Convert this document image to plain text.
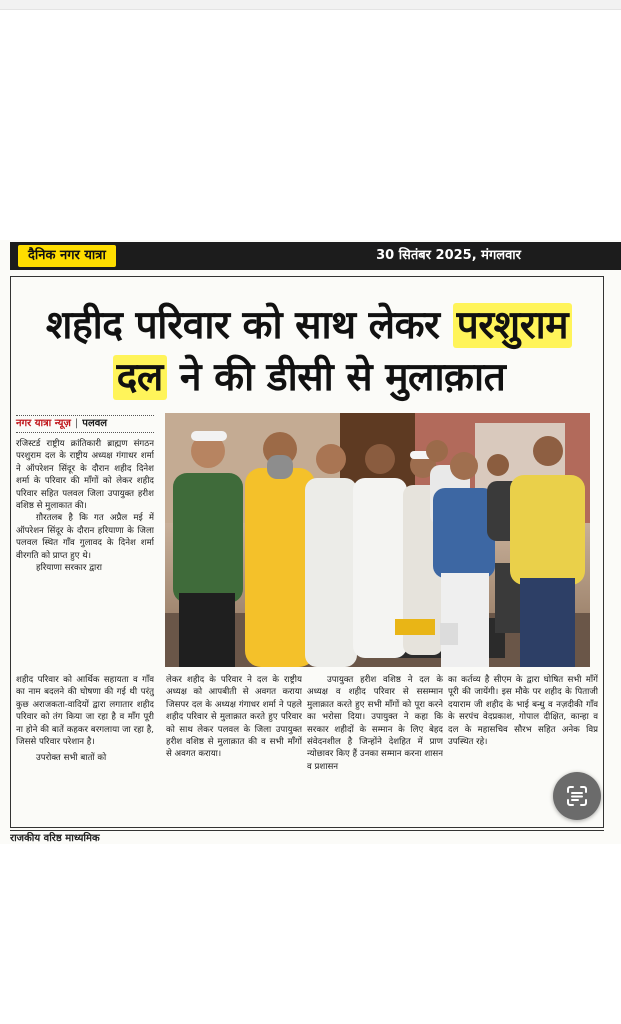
दैनिक नगर यात्रा	30 सितंबर 2025, मंगलवार
शहीद परिवार को साथ लेकर परशुराम
दल ने की डीसी से मुलाक़ात
नगर यात्रा न्यूज़ | पलवल

रजिस्टर्ड राष्ट्रीय क्रांतिकारी ब्राह्मण संगठन परशुराम दल के राष्ट्रीय अध्यक्ष गंगाधर शर्मा ने ऑपरेशन सिंदूर के दौरान शहीद दिनेश शर्मा के परिवार की माँगों को लेकर शहीद परिवार सहित पलवल जिला उपायुक्त हरीश वशिष्ठ से मुलाकात की।

ग़ौरतलब है कि गत अप्रैल मई में ऑपरेशन सिंदूर के दौरान हरियाणा के जिला पलवल स्थित गाँव गुलावद के दिनेश शर्मा वीरगति को प्राप्त हुए थे।

हरियाणा सरकार द्वारा

शहीद परिवार को आर्थिक सहायता व गाँव का नाम बदलने की घोषणा की गई थी परंतु कुछ अराजकता-वादियों द्वारा लगातार शहीद परिवार को तंग किया जा रहा है व माँग पूरी ना होने की बातें कहकर बरगलाया जा रहा है, जिससे परिवार परेशान है।

उपरोक्त सभी बातों को

लेकर शहीद के परिवार ने दल के राष्ट्रीय अध्यक्ष को आपबीती से अवगत कराया जिसपर दल के अध्यक्ष गंगाधर शर्मा ने पहले शहीद परिवार से मुलाक़ात करते हुए परिवार को साथ लेकर पलवल के जिला उपायुक्त हरीश वशिष्ठ से मुलाक़ात की व सभी माँगों से अवगत कराया।

उपायुक्त हरीश वशिष्ठ ने दल के अध्यक्ष व शहीद परिवार से ससम्मान मुलाक़ात करते हुए सभी माँगों को पूरा करने का भरोसा दिया। उपायुक्त ने कहा कि सरकार शहीदों के सम्मान के लिए बेहद संवेदनशील है जिन्होंने देशहित में प्राण न्योछावर किए हैं उनका सम्मान करना शासन व प्रशासन

का कर्तव्य है सीएम के द्वारा घोषित सभी माँगें पूरी की जायेंगी। इस मौके पर शहीद के पिताजी दयाराम जी शहीद के भाई बन्धु व नज़दीकी गाँव के सरपंच वेदप्रकाश, गोपाल दीक्षित, कान्हा व दल के महासचिव सौरभ सहित अनेक विप्र उपस्थित रहे।

राजकीय वरिष्ठ माध्यमिक
